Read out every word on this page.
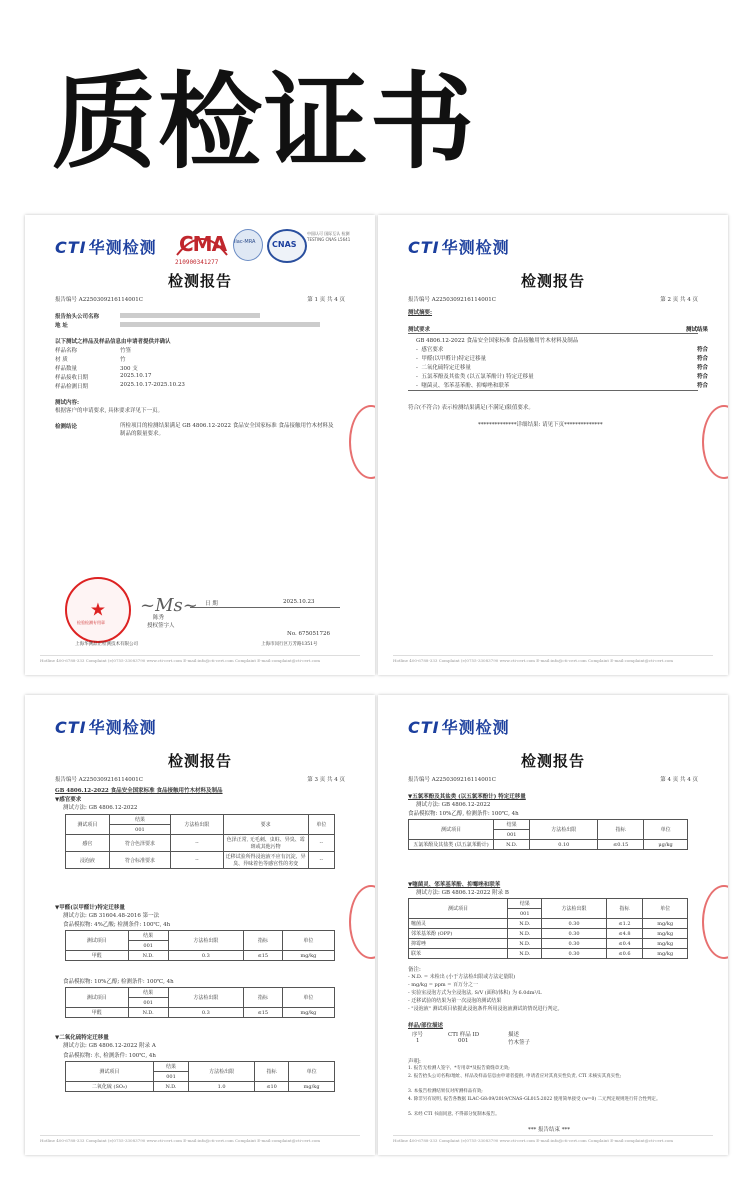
质检证书
CTI 华测检测 CMA
210900341277
ilac-MRA CNAS
中国认可 国际互认 检测 TESTING CNAS L5641
检测报告
报告编号 A2250309216114001C	第 1 页 共 4 页
报告抬头公司名称
地 址
以下测试之样品及样品信息由申请者提供并确认
样品名称	竹签
材 质	竹
样品数量	300 支
样品接收日期	2025.10.17
样品检测日期	2025.10.17-2025.10.23
测试内容:
根据客户的申请要求, 具体要求详见下一页。
检测结论	所检项目的检测结果满足 GB 4806.12-2022 食品安全国家标准 食品接触用竹木材料及制品的限量要求。
★
检验检测专用章
~Ms~ 日 期	2025.10.23
陈秀
授权签字人
No. 675051726
上海华测品正检测技术有限公司	上海市闵行区万芳路1351号
Hotline 400-6788-333 Complaint (e)0755-33083790 www.cti-cert.com E-mail:info@cti-cert.com Complaint E-mail:complaint@cti-cert.com
CTI 华测检测
检测报告
报告编号 A2250309216114001C	第 2 页 共 4 页
测试摘要:
测试要求	测试结果
GB 4806.12-2022 食品安全国家标准 食品接触用竹木材料及制品
-  感官要求	符合
-  甲醛(以甲醛计)特定迁移量	符合
-  二氧化硫特定迁移量	符合
-  五氯苯酚及其盐类 (以五氯苯酚计) 特定迁移量	符合
-  噻菌灵、邻苯基苯酚、抑霉唑和联苯	符合
符合(不符合) 表示检测结果满足(不满足)限值要求。
**************详细结果: 请见下页**************
Hotline 400-6788-333 Complaint (e)0755-33083790 www.cti-cert.com E-mail:info@cti-cert.com Complaint E-mail:complaint@cti-cert.com
CTI 华测检测
检测报告
报告编号 A2250309216114001C	第 3 页 共 4 页
GB 4806.12-2022 食品安全国家标准 食品接触用竹木材料及制品
▼感官要求
测试方法: GB 4806.12-2022
测试项目	结果	方法检出限	要求	单位
	001			
感官	符合色泽要求	--	色泽正常, 无毛刺、虫蛀、异臭、霉斑或其他污物	--
浸泡液	符合标准要求	--	迁移试验所得浸泡液不应有沉淀、异臭、异味着色等感官性的劣变	--
▼甲醛(以甲醛计)特定迁移量
测试方法: GB 31604.48-2016 第一法
食品模拟物: 4%乙酸; 检测条件: 100℃, 4h
测试项目	结果	方法检出限	指标	单位
	001			
甲醛	N.D.	0.3	≤15	mg/kg
食品模拟物: 10%乙醇; 检测条件: 100℃, 4h
测试项目	结果	方法检出限	指标	单位
	001			
甲醛	N.D.	0.3	≤15	mg/kg
▼二氧化硫特定迁移量
测试方法: GB 4806.12-2022 附录 A
食品模拟物: 水, 检测条件: 100℃, 4h
测试项目	结果	方法检出限	指标	单位
	001			
二氧化硫 (SO₂)	N.D.	1.0	≤10	mg/kg
Hotline 400-6788-333 Complaint (e)0755-33083790 www.cti-cert.com E-mail:info@cti-cert.com Complaint E-mail:complaint@cti-cert.com
CTI 华测检测
检测报告
报告编号 A2250309216114001C	第 4 页 共 4 页
▼五氯苯酚及其盐类 (以五氯苯酚计) 特定迁移量
测试方法: GB 4806.12-2022
食品模拟物: 10%乙醇, 检测条件: 100℃, 4h
测试项目	结果	方法检出限	指标	单位
	001			
五氯苯酚及其盐类 (以五氯苯酚计)	N.D.	0.10	≤0.15	μg/kg
▼噻菌灵、邻苯基苯酚、抑霉唑和联苯
测试方法: GB 4806.12-2022 附录 B
测试项目	结果	方法检出限	指标	单位
	001			
噻菌灵	N.D.	0.30	≤1.2	mg/kg
邻苯基苯酚 (OPP)	N.D.	0.30	≤4.8	mg/kg
抑霉唑	N.D.	0.30	≤0.4	mg/kg
联苯	N.D.	0.30	≤0.6	mg/kg
备注:
- N.D. = 未检出 (小于方法检出限或方法定量限)
- mg/kg = ppm = 百万分之一
- 实验室浸泡方式为全浸泡法, S/V (面积/体积) 为 6.0dm²/L
- 迁移试验的结果为第一次浸泡的测试结果
- "浸泡液" 测试项目依据此浸泡条件所用浸泡液测试的情况进行判定。
样品/部位描述
序号	CTI 样品 ID	描述
1	001	竹木签子
声明:
1. 报告无检测人签字、*专用章*及报告骑缝章无效;
2. 报告抬头公司名称/地址、样品及样品信息由申请者提供, 申请者应对其真实性负责, CTI 未核实其真实性;
3. 本报告检测结果仅对所测样品有效;
4. 除非另有说明, 报告各数据 ILAC-G8:09/2019/CNAS-GL015:2022 使用简单接受 (w=0) 二元判定规则进行符合性判定。
5. 未经 CTI 书面同意, 不得部分复制本报告。
*** 报告结束 ***
Hotline 400-6788-333 Complaint (e)0755-33083790 www.cti-cert.com E-mail:info@cti-cert.com Complaint E-mail:complaint@cti-cert.com
